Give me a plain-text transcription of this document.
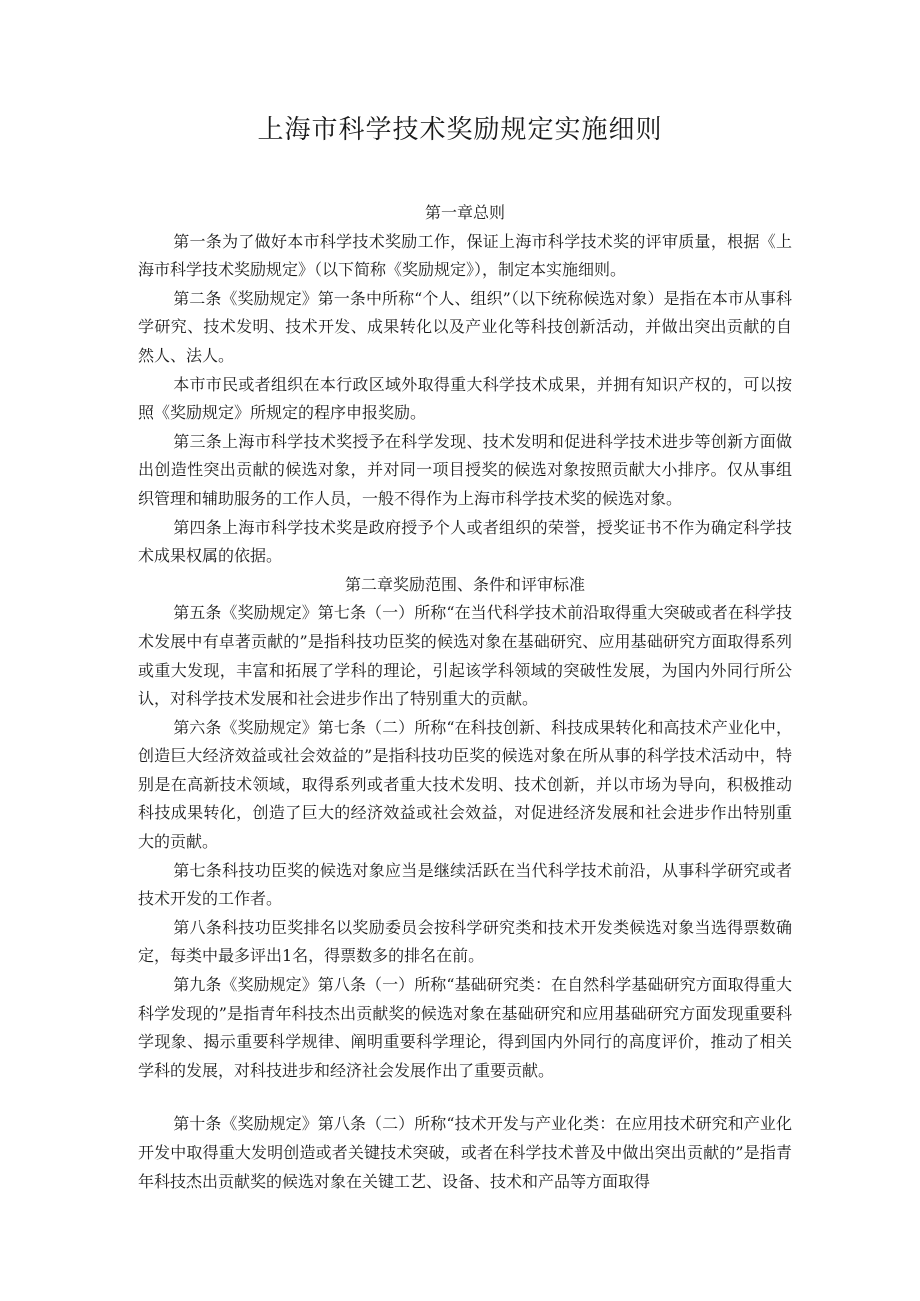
上海市科学技术奖励规定实施细则
第一章总则

第一条为了做好本市科学技术奖励工作，保证上海市科学技术奖的评审质量，根据《上海市科学技术奖励规定》（以下简称《奖励规定》），制定本实施细则。

第二条《奖励规定》第一条中所称“个人、组织”（以下统称候选对象）是指在本市从事科学研究、技术发明、技术开发、成果转化以及产业化等科技创新活动，并做出突出贡献的自然人、法人。

本市市民或者组织在本行政区域外取得重大科学技术成果，并拥有知识产权的，可以按照《奖励规定》所规定的程序申报奖励。

第三条上海市科学技术奖授予在科学发现、技术发明和促进科学技术进步等创新方面做出创造性突出贡献的候选对象，并对同一项目授奖的候选对象按照贡献大小排序。仅从事组织管理和辅助服务的工作人员，一般不得作为上海市科学技术奖的候选对象。

第四条上海市科学技术奖是政府授予个人或者组织的荣誉，授奖证书不作为确定科学技术成果权属的依据。

第二章奖励范围、条件和评审标准

第五条《奖励规定》第七条（一）所称“在当代科学技术前沿取得重大突破或者在科学技术发展中有卓著贡献的”是指科技功臣奖的候选对象在基础研究、应用基础研究方面取得系列或重大发现，丰富和拓展了学科的理论，引起该学科领域的突破性发展，为国内外同行所公认，对科学技术发展和社会进步作出了特别重大的贡献。

第六条《奖励规定》第七条（二）所称“在科技创新、科技成果转化和高技术产业化中，创造巨大经济效益或社会效益的”是指科技功臣奖的候选对象在所从事的科学技术活动中，特别是在高新技术领域，取得系列或者重大技术发明、技术创新，并以市场为导向，积极推动科技成果转化，创造了巨大的经济效益或社会效益，对促进经济发展和社会进步作出特别重大的贡献。

第七条科技功臣奖的候选对象应当是继续活跃在当代科学技术前沿，从事科学研究或者技术开发的工作者。

第八条科技功臣奖排名以奖励委员会按科学研究类和技术开发类候选对象当选得票数确定，每类中最多评出1名，得票数多的排名在前。

第九条《奖励规定》第八条（一）所称“基础研究类：在自然科学基础研究方面取得重大科学发现的”是指青年科技杰出贡献奖的候选对象在基础研究和应用基础研究方面发现重要科学现象、揭示重要科学规律、阐明重要科学理论，得到国内外同行的高度评价，推动了相关学科的发展，对科技进步和经济社会发展作出了重要贡献。

第十条《奖励规定》第八条（二）所称“技术开发与产业化类：在应用技术研究和产业化开发中取得重大发明创造或者关键技术突破，或者在科学技术普及中做出突出贡献的”是指青年科技杰出贡献奖的候选对象在关键工艺、设备、技术和产品等方面取得
